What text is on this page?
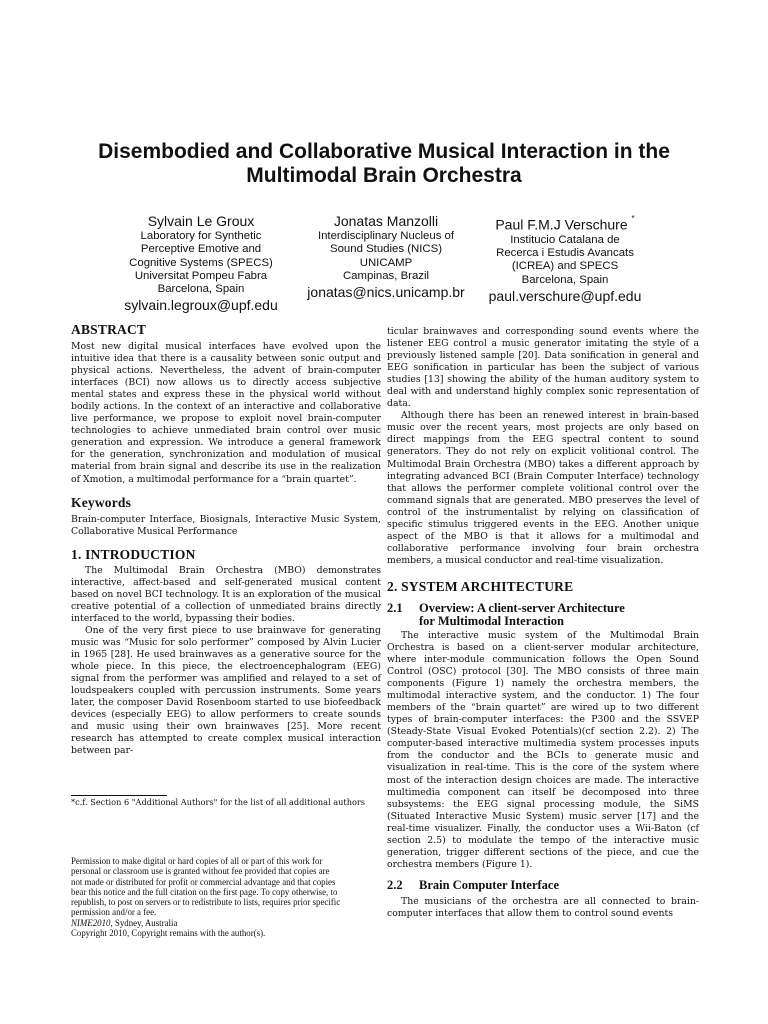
Disembodied and Collaborative Musical Interaction in the
Multimodal Brain Orchestra
Sylvain Le Groux
Laboratory for Synthetic
Perceptive Emotive and
Cognitive Systems (SPECS)
Universitat Pompeu Fabra
Barcelona, Spain
sylvain.legroux@upf.edu
Jonatas Manzolli
Interdisciplinary Nucleus of
Sound Studies (NICS)
UNICAMP
Campinas, Brazil
jonatas@nics.unicamp.br
Paul F.M.J Verschure *
Institucio Catalana de
Recerca i Estudis Avancats
(ICREA) and SPECS
Barcelona, Spain
paul.verschure@upf.edu
ABSTRACT

Most new digital musical interfaces have evolved upon the intuitive idea that there is a causality between sonic output and physical actions. Nevertheless, the advent of brain-computer interfaces (BCI) now allows us to directly access subjective mental states and express these in the physical world without bodily actions. In the context of an interactive and collaborative live performance, we propose to exploit novel brain-computer technologies to achieve unmediated brain control over music generation and expression. We introduce a general framework for the generation, synchronization and modulation of musical material from brain signal and describe its use in the realization of Xmotion, a multimodal performance for a “brain quartet”.

Keywords

Brain-computer Interface, Biosignals, Interactive Music System, Collaborative Musical Performance

1. INTRODUCTION

The Multimodal Brain Orchestra (MBO) demonstrates interactive, affect-based and self-generated musical content based on novel BCI technology. It is an exploration of the musical creative potential of a collection of unmediated brains directly interfaced to the world, bypassing their bodies.

One of the very first piece to use brainwave for generating music was “Music for solo performer” composed by Alvin Lucier in 1965 [28]. He used brainwaves as a generative source for the whole piece. In this piece, the electroencephalogram (EEG) signal from the performer was amplified and relayed to a set of loudspeakers coupled with percussion instruments. Some years later, the composer David Rosenboom started to use biofeedback devices (especially EEG) to allow performers to create sounds and music using their own brainwaves [25]. More recent research has attempted to create complex musical interaction between par-

*c.f. Section 6 "Additional Authors" for the list of all additional authors
Permission to make digital or hard copies of all or part of this work for
personal or classroom use is granted without fee provided that copies are
not made or distributed for profit or commercial advantage and that copies
bear this notice and the full citation on the first page. To copy otherwise, to
republish, to post on servers or to redistribute to lists, requires prior specific
permission and/or a fee.
NIME2010, Sydney, Australia
Copyright 2010, Copyright remains with the author(s).

ticular brainwaves and corresponding sound events where the listener EEG control a music generator imitating the style of a previously listened sample [20]. Data sonification in general and EEG sonification in particular has been the subject of various studies [13] showing the ability of the human auditory system to deal with and understand highly complex sonic representation of data.

Although there has been an renewed interest in brain-based music over the recent years, most projects are only based on direct mappings from the EEG spectral content to sound generators. They do not rely on explicit volitional control. The Multimodal Brain Orchestra (MBO) takes a different approach by integrating advanced BCI (Brain Computer Interface) technology that allows the performer complete volitional control over the command signals that are generated. MBO preserves the level of control of the instrumentalist by relying on classification of specific stimulus triggered events in the EEG. Another unique aspect of the MBO is that it allows for a multimodal and collaborative performance involving four brain orchestra members, a musical conductor and real-time visualization.

2. SYSTEM ARCHITECTURE
2.1	Overview: A client-server Architecture
for Multimodal Interaction

The interactive music system of the Multimodal Brain Orchestra is based on a client-server modular architecture, where inter-module communication follows the Open Sound Control (OSC) protocol [30]. The MBO consists of three main components (Figure 1) namely the orchestra members, the multimodal interactive system, and the conductor. 1) The four members of the “brain quartet” are wired up to two different types of brain-computer interfaces: the P300 and the SSVEP (Steady-State Visual Evoked Potentials)(cf section 2.2). 2) The computer-based interactive multimedia system processes inputs from the conductor and the BCIs to generate music and visualization in real-time. This is the core of the system where most of the interaction design choices are made. The interactive multimedia component can itself be decomposed into three subsystems: the EEG signal processing module, the SiMS (Situated Interactive Music System) music server [17] and the real-time visualizer. Finally, the conductor uses a Wii-Baton (cf section 2.5) to modulate the tempo of the interactive music generation, trigger different sections of the piece, and cue the orchestra members (Figure 1).

2.2	Brain Computer Interface

The musicians of the orchestra are all connected to brain-computer interfaces that allow them to control sound events
